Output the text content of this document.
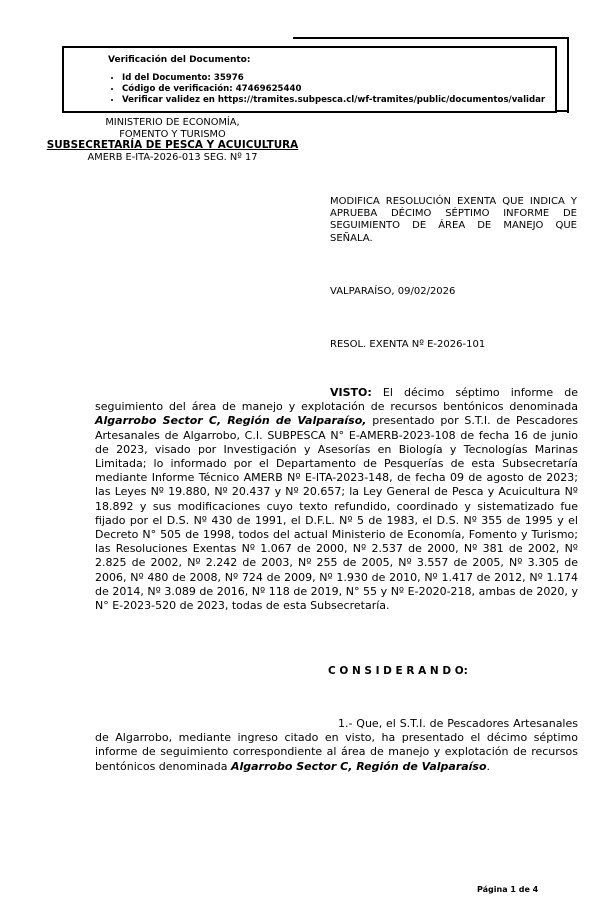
Verificación del Documento:
• Id del Documento: 35976
• Código de verificación: 47469625440
• Verificar validez en https://tramites.subpesca.cl/wf-tramites/public/documentos/validar
MINISTERIO DE ECONOMÍA,
FOMENTO Y TURISMO
SUBSECRETARÍA DE PESCA Y ACUICULTURA
AMERB E-ITA-2026-013 SEG. Nº 17
MODIFICA RESOLUCIÓN EXENTA QUE INDICA Y APRUEBA DÉCIMO SÉPTIMO INFORME DE SEGUIMIENTO DE ÁREA DE MANEJO QUE SEÑALA.
VALPARAÍSO, 09/02/2026
RESOL. EXENTA Nº E-2026-101
VISTO: El décimo séptimo informe de seguimiento del área de manejo y explotación de recursos bentónicos denominada Algarrobo Sector C, Región de Valparaíso, presentado por S.T.I. de Pescadores Artesanales de Algarrobo, C.I. SUBPESCA N° E-AMERB-2023-108 de fecha 16 de junio de 2023, visado por Investigación y Asesorías en Biología y Tecnologías Marinas Limitada; lo informado por el Departamento de Pesquerías de esta Subsecretaría mediante Informe Técnico AMERB Nº E-ITA-2023-148, de fecha 09 de agosto de 2023; las Leyes Nº 19.880, Nº 20.437 y Nº 20.657; la Ley General de Pesca y Acuicultura Nº 18.892 y sus modificaciones cuyo texto refundido, coordinado y sistematizado fue fijado por el D.S. Nº 430 de 1991, el D.F.L. Nº 5 de 1983, el D.S. Nº 355 de 1995 y el Decreto N° 505 de 1998, todos del actual Ministerio de Economía, Fomento y Turismo; las Resoluciones Exentas Nº 1.067 de 2000, Nº 2.537 de 2000, Nº 381 de 2002, Nº 2.825 de 2002, Nº 2.242 de 2003, Nº 255 de 2005, Nº 3.557 de 2005, Nº 3.305 de 2006, Nº 480 de 2008, Nº 724 de 2009, Nº 1.930 de 2010, Nº 1.417 de 2012, Nº 1.174 de 2014, Nº 3.089 de 2016, Nº 118 de 2019, N° 55 y Nº E-2020-218, ambas de 2020, y N° E-2023-520 de 2023, todas de esta Subsecretaría.
C O N S I D E R A N D O:
1.- Que, el S.T.I. de Pescadores Artesanales de Algarrobo, mediante ingreso citado en visto, ha presentado el décimo séptimo informe de seguimiento correspondiente al área de manejo y explotación de recursos bentónicos denominada Algarrobo Sector C, Región de Valparaíso.
Página 1 de 4
